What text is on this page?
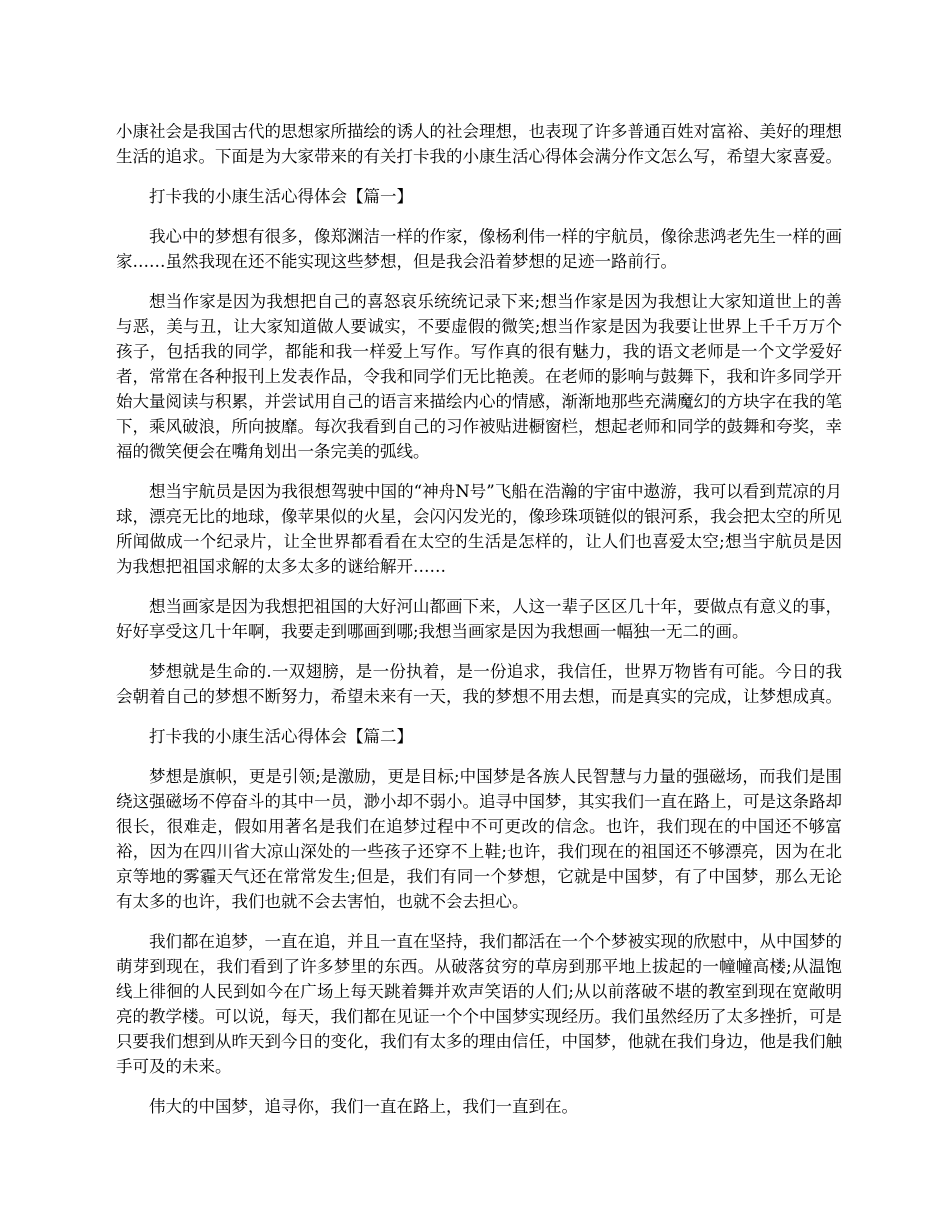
小康社会是我国古代的思想家所描绘的诱人的社会理想，也表现了许多普通百姓对富裕、美好的理想生活的追求。下面是为大家带来的有关打卡我的小康生活心得体会满分作文怎么写，希望大家喜爱。

打卡我的小康生活心得体会【篇一】

我心中的梦想有很多，像郑渊洁一样的作家，像杨利伟一样的宇航员，像徐悲鸿老先生一样的画家……虽然我现在还不能实现这些梦想，但是我会沿着梦想的足迹一路前行。

想当作家是因为我想把自己的喜怒哀乐统统记录下来;想当作家是因为我想让大家知道世上的善与恶，美与丑，让大家知道做人要诚实，不要虚假的微笑;想当作家是因为我要让世界上千千万万个孩子，包括我的同学，都能和我一样爱上写作。写作真的很有魅力，我的语文老师是一个文学爱好者，常常在各种报刊上发表作品，令我和同学们无比艳羡。在老师的影响与鼓舞下，我和许多同学开始大量阅读与积累，并尝试用自己的语言来描绘内心的情感，渐渐地那些充满魔幻的方块字在我的笔下，乘风破浪，所向披靡。每次我看到自己的习作被贴进橱窗栏，想起老师和同学的鼓舞和夸奖，幸福的微笑便会在嘴角划出一条完美的弧线。

想当宇航员是因为我很想驾驶中国的“神舟N号”飞船在浩瀚的宇宙中遨游，我可以看到荒凉的月球，漂亮无比的地球，像苹果似的火星，会闪闪发光的，像珍珠项链似的银河系，我会把太空的所见所闻做成一个纪录片，让全世界都看看在太空的生活是怎样的，让人们也喜爱太空;想当宇航员是因为我想把祖国求解的太多太多的谜给解开……

想当画家是因为我想把祖国的大好河山都画下来，人这一辈子区区几十年，要做点有意义的事，好好享受这几十年啊，我要走到哪画到哪;我想当画家是因为我想画一幅独一无二的画。

梦想就是生命的.一双翅膀，是一份执着，是一份追求，我信任，世界万物皆有可能。今日的我会朝着自己的梦想不断努力，希望未来有一天，我的梦想不用去想，而是真实的完成，让梦想成真。

打卡我的小康生活心得体会【篇二】

梦想是旗帜，更是引领;是激励，更是目标;中国梦是各族人民智慧与力量的强磁场，而我们是围绕这强磁场不停奋斗的其中一员，渺小却不弱小。追寻中国梦，其实我们一直在路上，可是这条路却很长，很难走，假如用著名是我们在追梦过程中不可更改的信念。也许，我们现在的中国还不够富裕，因为在四川省大凉山深处的一些孩子还穿不上鞋;也许，我们现在的祖国还不够漂亮，因为在北京等地的雾霾天气还在常常发生;但是，我们有同一个梦想，它就是中国梦，有了中国梦，那么无论有太多的也许，我们也就不会去害怕，也就不会去担心。

我们都在追梦，一直在追，并且一直在坚持，我们都活在一个个梦被实现的欣慰中，从中国梦的萌芽到现在，我们看到了许多梦里的东西。从破落贫穷的草房到那平地上拔起的一幢幢高楼;从温饱线上徘徊的人民到如今在广场上每天跳着舞并欢声笑语的人们;从以前落破不堪的教室到现在宽敞明亮的教学楼。可以说，每天，我们都在见证一个个中国梦实现经历。我们虽然经历了太多挫折，可是只要我们想到从昨天到今日的变化，我们有太多的理由信任，中国梦，他就在我们身边，他是我们触手可及的未来。

伟大的中国梦，追寻你，我们一直在路上，我们一直到在。
